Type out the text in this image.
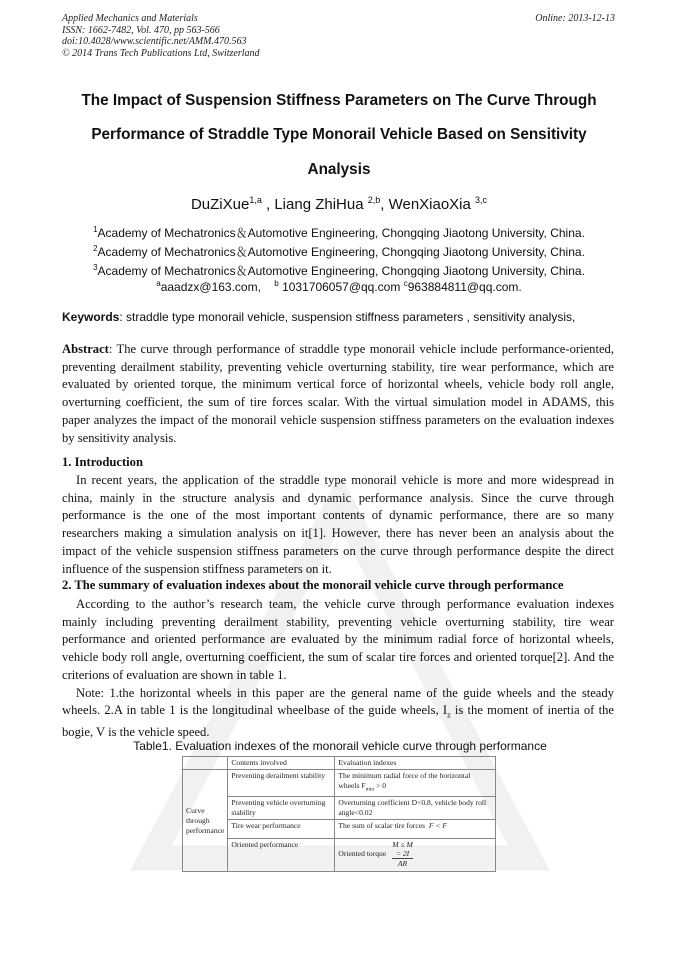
Applied Mechanics and Materials
ISSN: 1662-7482, Vol. 470, pp 563-566
doi:10.4028/www.scientific.net/AMM.470.563
© 2014 Trans Tech Publications Ltd, Switzerland
Online: 2013-12-13
The Impact of Suspension Stiffness Parameters on The Curve Through
Performance of Straddle Type Monorail Vehicle Based on Sensitivity
Analysis
DuZiXue$^{1,a}$ , Liang ZhiHua $^{2,b}$, WenXiaoXia $^{3,c}$
$^1$Academy of Mechatronics＆Automotive Engineering, Chongqing Jiaotong University, China.
$^2$Academy of Mechatronics＆Automotive Engineering, Chongqing Jiaotong University, China.
$^3$Academy of Mechatronics＆Automotive Engineering, Chongqing Jiaotong University, China.
$^a$aaadzx@163.com, $^b$ 1031706057@qq.com $^c$963884811@qq.com.
Keywords: straddle type monorail vehicle, suspension stiffness parameters , sensitivity analysis,

Abstract: The curve through performance of straddle type monorail vehicle include performance-oriented, preventing derailment stability, preventing vehicle overturning stability, tire wear performance, which are evaluated by oriented torque, the minimum vertical force of horizontal wheels, vehicle body roll angle, overturning coefficient, the sum of tire forces scalar. With the virtual simulation model in ADAMS, this paper analyzes the impact of the monorail vehicle suspension stiffness parameters on the evaluation indexes by sensitivity analysis.

1. Introduction

In recent years, the application of the straddle type monorail vehicle is more and more widespread in china, mainly in the structure analysis and dynamic performance analysis. Since the curve through performance is the one of the most important contents of dynamic performance, there are so many researchers making a simulation analysis on it[1]. However, there has never been an analysis about the impact of the vehicle suspension stiffness parameters on the curve through performance despite the direct influence of the suspension stiffness parameters on it.

2. The summary of evaluation indexes about the monorail vehicle curve through performance

According to the author’s research team, the vehicle curve through performance evaluation indexes mainly including preventing derailment stability, preventing vehicle overturning stability, tire wear performance and oriented performance are evaluated by the minimum radial force of horizontal wheels, vehicle body roll angle, overturning coefficient, the sum of scalar tire forces and oriented torque[2]. And the criterions of evaluation are shown in table 1.

Note: 1.the horizontal wheels in this paper are the general name of the guide wheels and the steady wheels. 2.A in table 1 is the longitudinal wheelbase of the guide wheels, $I_z$ is the moment of inertia of the bogie, V is the vehicle speed.

Table1. Evaluation indexes of the monorail vehicle curve through performance
	Contents involved	Evaluation indexes
Curve through performance	Preventing derailment stability	The minimum radial force of the horizontal wheels $F_{min} > 0$
	Preventing vehicle overturning stability	Overturning coefficient D<0.8, vehicle body roll angle<0.02
	Tire wear performance	The sum of scalar tire forces F < F
	Oriented performance	Oriented torque
M ≤ M
= 2I
AR
